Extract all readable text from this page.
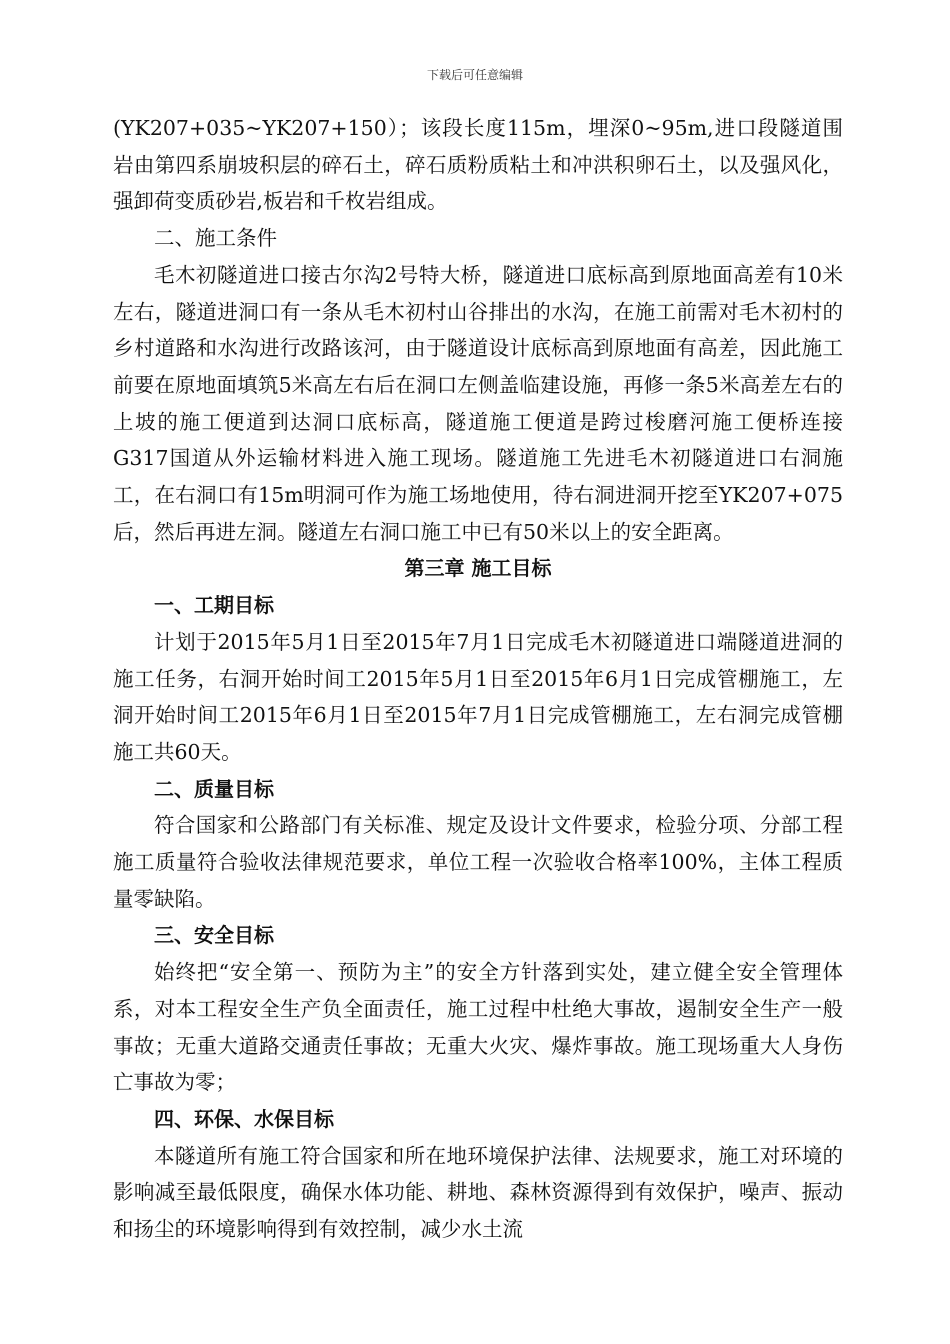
下载后可任意编辑

(YK207+035~YK207+150）；该段长度115m，埋深0~95m,进口段隧道围岩由第四系崩坡积层的碎石土，碎石质粉质粘土和冲洪积卵石土，以及强风化，强卸荷变质砂岩,板岩和千枚岩组成。

二、施工条件

毛木初隧道进口接古尔沟2号特大桥，隧道进口底标高到原地面高差有10米左右，隧道进洞口有一条从毛木初村山谷排出的水沟，在施工前需对毛木初村的乡村道路和水沟进行改路该河，由于隧道设计底标高到原地面有高差，因此施工前要在原地面填筑5米高左右后在洞口左侧盖临建设施，再修一条5米高差左右的上坡的施工便道到达洞口底标高，隧道施工便道是跨过梭磨河施工便桥连接G317国道从外运输材料进入施工现场。隧道施工先进毛木初隧道进口右洞施工，在右洞口有15m明洞可作为施工场地使用，待右洞进洞开挖至YK207+075后，然后再进左洞。隧道左右洞口施工中已有50米以上的安全距离。

第三章 施工目标

一、工期目标

计划于2015年5月1日至2015年7月1日完成毛木初隧道进口端隧道进洞的施工任务，右洞开始时间工2015年5月1日至2015年6月1日完成管棚施工，左洞开始时间工2015年6月1日至2015年7月1日完成管棚施工，左右洞完成管棚施工共60天。

二、质量目标

符合国家和公路部门有关标准、规定及设计文件要求，检验分项、分部工程施工质量符合验收法律规范要求，单位工程一次验收合格率100%，主体工程质量零缺陷。

三、安全目标

始终把“安全第一、预防为主”的安全方针落到实处，建立健全安全管理体系，对本工程安全生产负全面责任，施工过程中杜绝大事故，遏制安全生产一般事故；无重大道路交通责任事故；无重大火灾、爆炸事故。施工现场重大人身伤亡事故为零；

四、环保、水保目标

本隧道所有施工符合国家和所在地环境保护法律、法规要求，施工对环境的影响减至最低限度，确保水体功能、耕地、森林资源得到有效保护，噪声、振动和扬尘的环境影响得到有效控制，减少水土流
